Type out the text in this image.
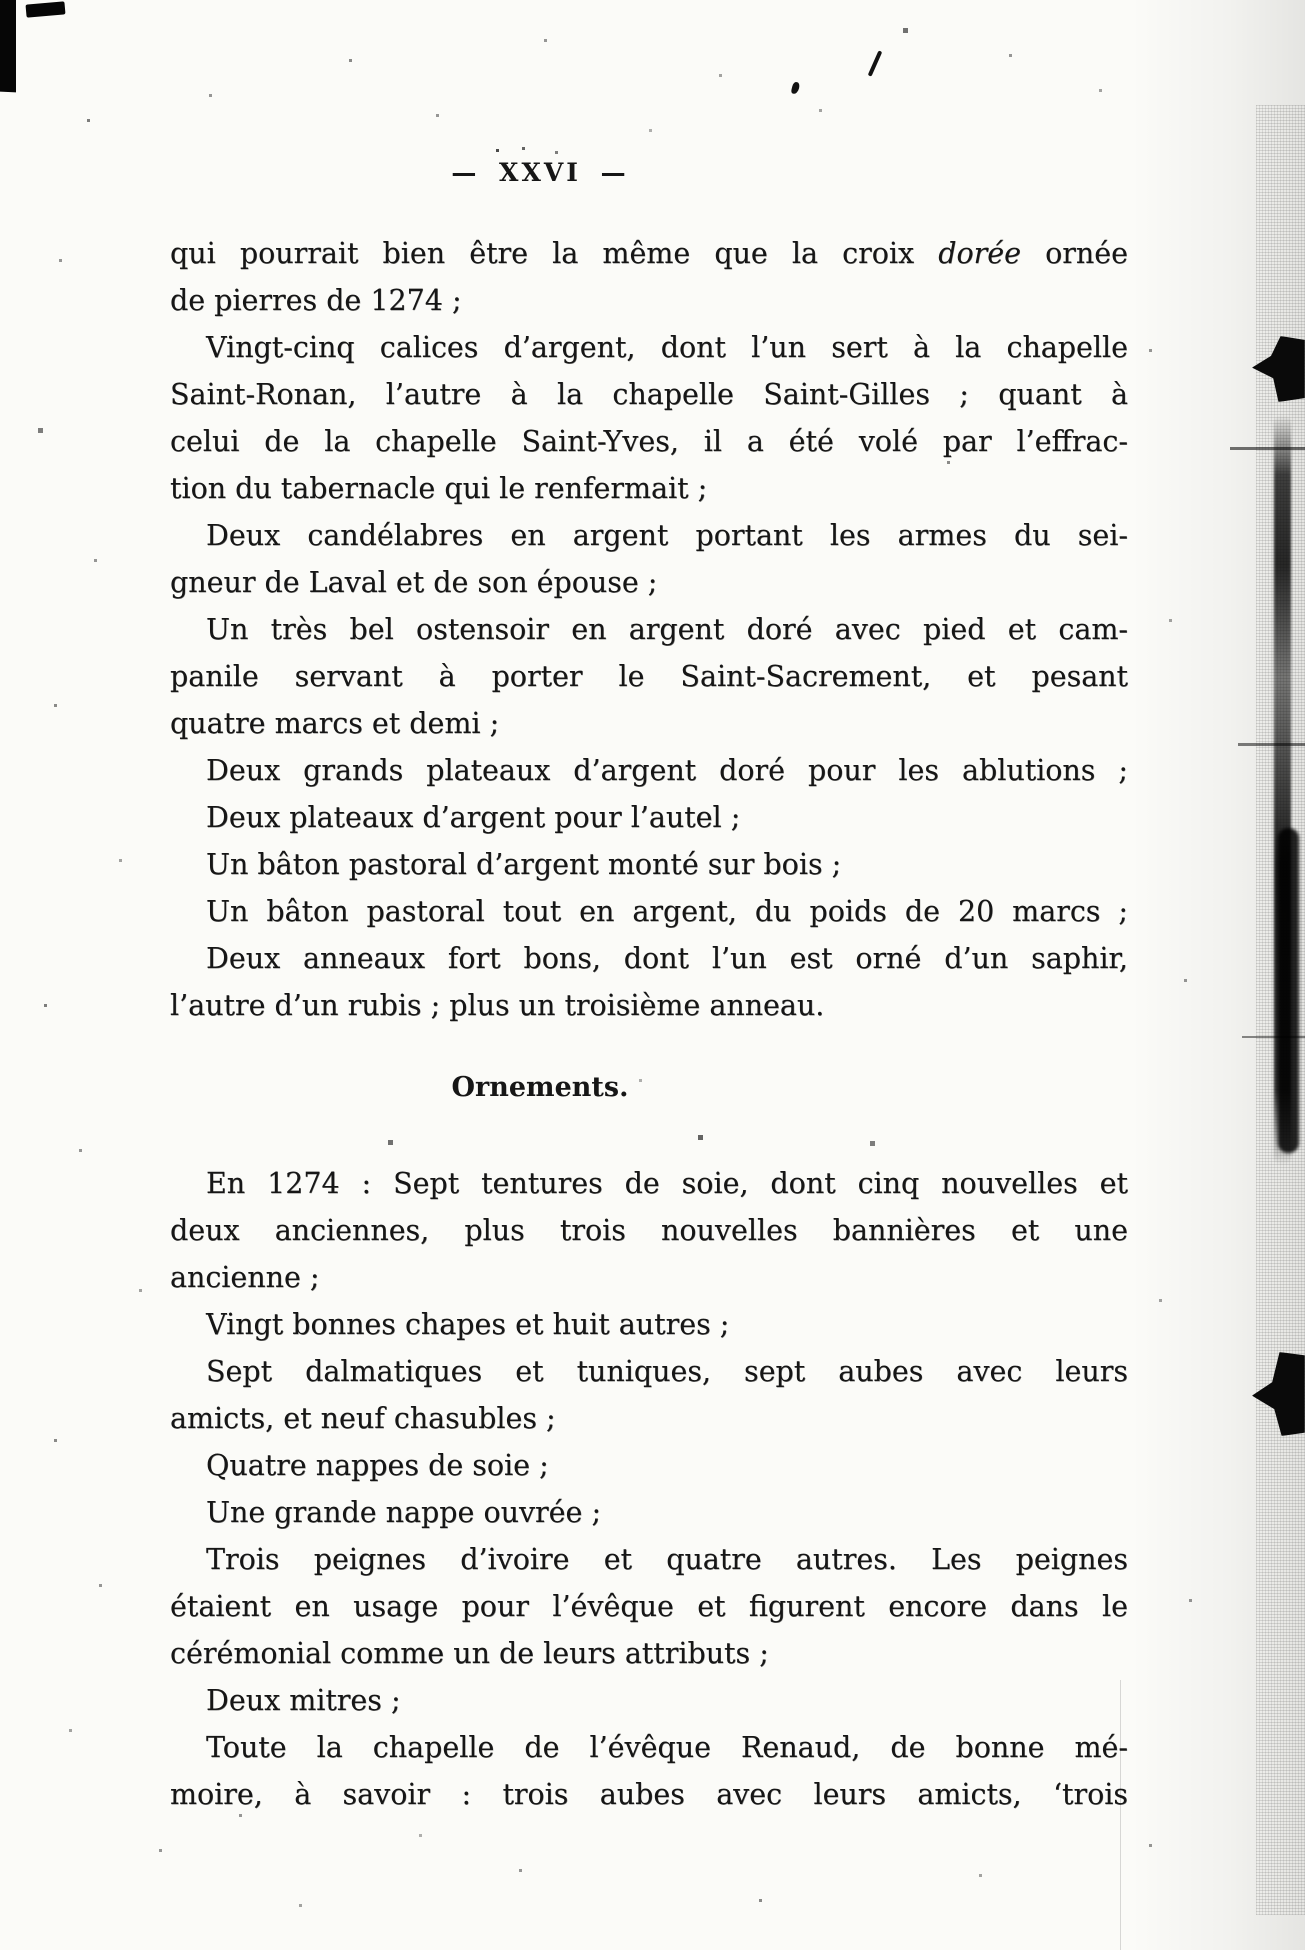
— XXVI —
qui pourrait bien être la même que la croix dorée ornée
de pierres de 1274 ;
Vingt-cinq calices d’argent, dont l’un sert à la chapelle
Saint-Ronan, l’autre à la chapelle Saint-Gilles ; quant à
celui de la chapelle Saint-Yves, il a été volé par l’effrac-
tion du tabernacle qui le renfermait ;
Deux candélabres en argent portant les armes du sei-
gneur de Laval et de son épouse ;
Un très bel ostensoir en argent doré avec pied et cam-
panile servant à porter le Saint-Sacrement, et pesant
quatre marcs et demi ;
Deux grands plateaux d’argent doré pour les ablutions ;
Deux plateaux d’argent pour l’autel ;
Un bâton pastoral d’argent monté sur bois ;
Un bâton pastoral tout en argent, du poids de 20 marcs ;
Deux anneaux fort bons, dont l’un est orné d’un saphir,
l’autre d’un rubis ; plus un troisième anneau.
Ornements.
En 1274 : Sept tentures de soie, dont cinq nouvelles et
deux anciennes, plus trois nouvelles bannières et une
ancienne ;
Vingt bonnes chapes et huit autres ;
Sept dalmatiques et tuniques, sept aubes avec leurs
amicts, et neuf chasubles ;
Quatre nappes de soie ;
Une grande nappe ouvrée ;
Trois peignes d’ivoire et quatre autres. Les peignes
étaient en usage pour l’évêque et figurent encore dans le
cérémonial comme un de leurs attributs ;
Deux mitres ;
Toute la chapelle de l’évêque Renaud, de bonne mé-
moire, à savoir : trois aubes avec leurs amicts, ‘trois
